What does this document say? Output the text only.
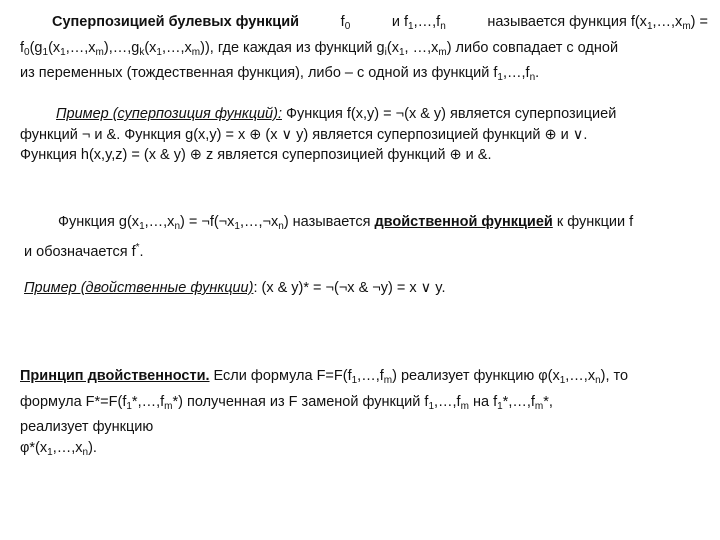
Суперпозицией булевых функций	$f_0$	и $f_1,\dots,f_n$	называется функция $f(x_1,\dots,x_m)$ =
$f_0(g_1(x_1,\dots,x_m),\dots,g_k(x_1,\dots,x_m))$, где каждая из функций $g_i(x_1$, $\dots,x_m$) либо совпадает с одной
из переменных (тождественная функция), либо – с одной из функций $f_1,\dots,f_n$.
Пример (суперпозиция функций): Функция f(x,y) = ¬(x & y) является суперпозицией
функций ¬ и &. Функция g(x,y) = x ⊕ (x ∨ y) является суперпозицией функций ⊕ и ∨.
Функция h(x,y,z) = (x & y) ⊕ z является суперпозицией функций ⊕ и &.
Функция $g(x_1,\dots,x_n)$ = $\neg f(\neg x_1,\dots,\neg x_n)$ называется двойственной функцией к функции f
и обозначается f*.
Пример (двойственные функции): (x & y)* = ¬(¬x & ¬y) = x ∨ y.
Принцип двойственности. Если формула $F=F(f_1,\dots,f_m)$ реализует функцию $\varphi(x_1,\dots,x_n)$, то
формула $F*=F(f_1*,\dots,f_m*)$ полученная из F заменой функций $f_1,\dots,f_m$ на $f_1*,\dots,f_m*$,
реализует функцию
$\varphi*(x_1,\dots,x_n)$.
